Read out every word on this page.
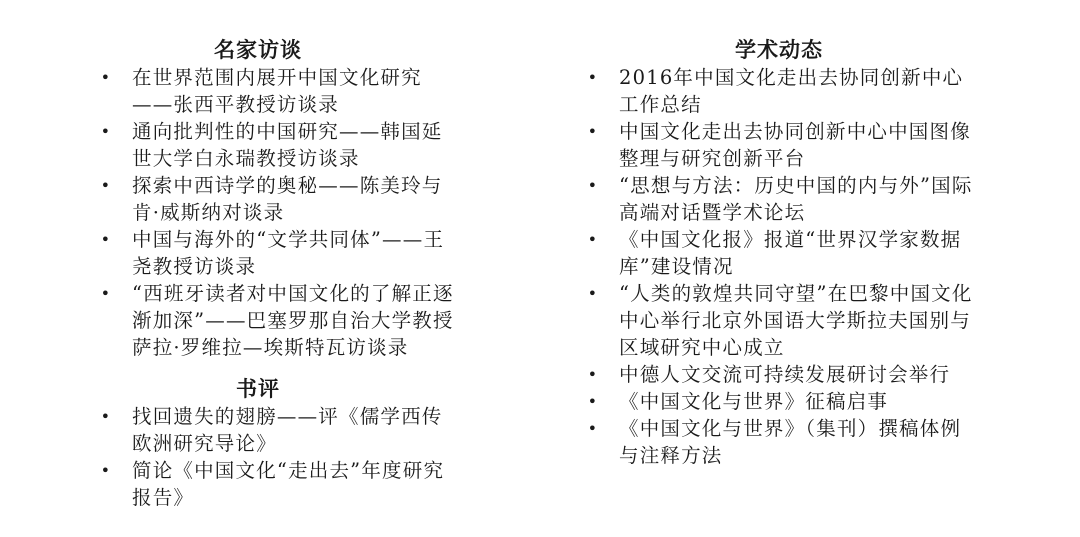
名家访谈
• 在世界范围内展开中国文化研究——张西平教授访谈录
• 通向批判性的中国研究——韩国延世大学白永瑞教授访谈录
• 探索中西诗学的奥秘——陈美玲与肯·威斯纳对谈录
• 中国与海外的“文学共同体”——王尧教授访谈录
• “西班牙读者对中国文化的了解正逐渐加深”——巴塞罗那自治大学教授萨拉·罗维拉—埃斯特瓦访谈录
书评
• 找回遗失的翅膀——评《儒学西传欧洲研究导论》
• 简论《中国文化“走出去”年度研究报告》
学术动态
• 2016年中国文化走出去协同创新中心工作总结
• 中国文化走出去协同创新中心中国图像整理与研究创新平台
• “思想与方法：历史中国的内与外”国际高端对话暨学术论坛
• 《中国文化报》报道“世界汉学家数据库”建设情况
• “人类的敦煌共同守望”在巴黎中国文化中心举行北京外国语大学斯拉夫国别与区域研究中心成立
• 中德人文交流可持续发展研讨会举行
• 《中国文化与世界》征稿启事
• 《中国文化与世界》（集刊）撰稿体例与注释方法
